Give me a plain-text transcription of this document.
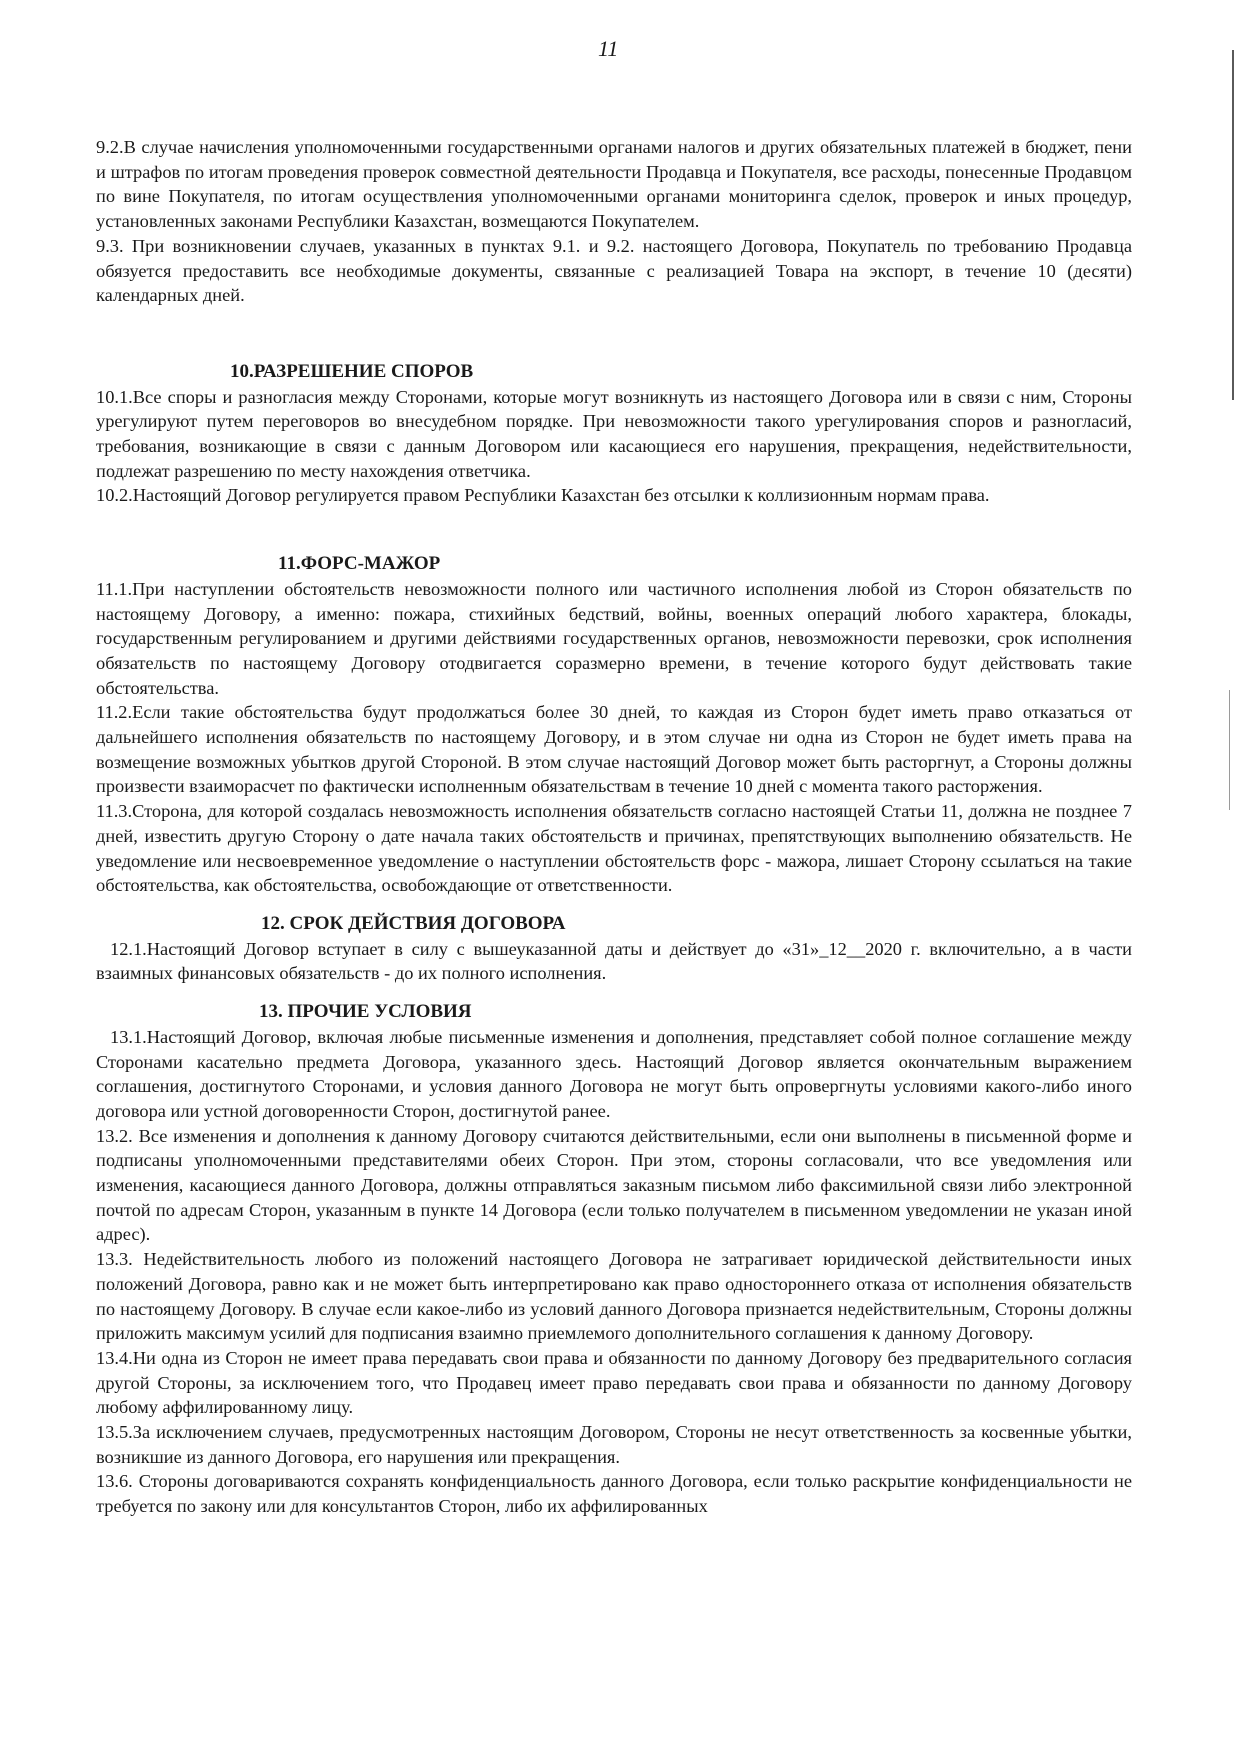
11

9.2.В случае начисления уполномоченными государственными органами налогов и других обязательных платежей в бюджет, пени и штрафов по итогам проведения проверок совместной деятельности Продавца и Покупателя, все расходы, понесенные Продавцом по вине Покупателя, по итогам осуществления уполномоченными органами мониторинга сделок, проверок и иных процедур, установленных законами Республики Казахстан, возмещаются Покупателем.

9.3. При возникновении случаев, указанных в пунктах 9.1. и 9.2. настоящего Договора, Покупатель по требованию Продавца обязуется предоставить все необходимые документы, связанные с реализацией Товара на экспорт, в течение 10 (десяти) календарных дней.

10.РАЗРЕШЕНИЕ СПОРОВ

10.1.Все споры и разногласия между Сторонами, которые могут возникнуть из настоящего Договора или в связи с ним, Стороны урегулируют путем переговоров во внесудебном порядке. При невозможности такого урегулирования споров и разногласий, требования, возникающие в связи с данным Договором или касающиеся его нарушения, прекращения, недействительности, подлежат разрешению по месту нахождения ответчика.

10.2.Настоящий Договор регулируется правом Республики Казахстан без отсылки к коллизионным нормам права.

11.ФОРС-МАЖОР

11.1.При наступлении обстоятельств невозможности полного или частичного исполнения любой из Сторон обязательств по настоящему Договору, а именно: пожара, стихийных бедствий, войны, военных операций любого характера, блокады, государственным регулированием и другими действиями государственных органов, невозможности перевозки, срок исполнения обязательств по настоящему Договору отодвигается соразмерно времени, в течение которого будут действовать такие обстоятельства.

11.2.Если такие обстоятельства будут продолжаться более 30 дней, то каждая из Сторон будет иметь право отказаться от дальнейшего исполнения обязательств по настоящему Договору, и в этом случае ни одна из Сторон не будет иметь права на возмещение возможных убытков другой Стороной. В этом случае настоящий Договор может быть расторгнут, а Стороны должны произвести взаиморасчет по фактически исполненным обязательствам в течение 10 дней с момента такого расторжения.

11.3.Сторона, для которой создалась невозможность исполнения обязательств согласно настоящей Статьи 11, должна не позднее 7 дней, известить другую Сторону о дате начала таких обстоятельств и причинах, препятствующих выполнению обязательств. Не уведомление или несвоевременное уведомление о наступлении обстоятельств форс - мажора, лишает Сторону ссылаться на такие обстоятельства, как обстоятельства, освобождающие от ответственности.

12. СРОК ДЕЙСТВИЯ ДОГОВОРА

12.1.Настоящий Договор вступает в силу с вышеуказанной даты и действует до «31»_12__2020 г. включительно, а в части взаимных финансовых обязательств - до их полного исполнения.

13. ПРОЧИЕ УСЛОВИЯ

13.1.Настоящий Договор, включая любые письменные изменения и дополнения, представляет собой полное соглашение между Сторонами касательно предмета Договора, указанного здесь. Настоящий Договор является окончательным выражением соглашения, достигнутого Сторонами, и условия данного Договора не могут быть опровергнуты условиями какого-либо иного договора или устной договоренности Сторон, достигнутой ранее.

13.2. Все изменения и дополнения к данному Договору считаются действительными, если они выполнены в письменной форме и подписаны уполномоченными представителями обеих Сторон. При этом, стороны согласовали, что все уведомления или изменения, касающиеся данного Договора, должны отправляться заказным письмом либо факсимильной связи либо электронной почтой по адресам Сторон, указанным в пункте 14 Договора (если только получателем в письменном уведомлении не указан иной адрес).

13.3. Недействительность любого из положений настоящего Договора не затрагивает юридической действительности иных положений Договора, равно как и не может быть интерпретировано как право одностороннего отказа от исполнения обязательств по настоящему Договору. В случае если какое-либо из условий данного Договора признается недействительным, Стороны должны приложить максимум усилий для подписания взаимно приемлемого дополнительного соглашения к данному Договору.

13.4.Ни одна из Сторон не имеет права передавать свои права и обязанности по данному Договору без предварительного согласия другой Стороны, за исключением того, что Продавец имеет право передавать свои права и обязанности по данному Договору любому аффилированному лицу.

13.5.За исключением случаев, предусмотренных настоящим Договором, Стороны не несут ответственность за косвенные убытки, возникшие из данного Договора, его нарушения или прекращения.

13.6. Стороны договариваются сохранять конфиденциальность данного Договора, если только раскрытие конфиденциальности не требуется по закону или для консультантов Сторон, либо их аффилированных
